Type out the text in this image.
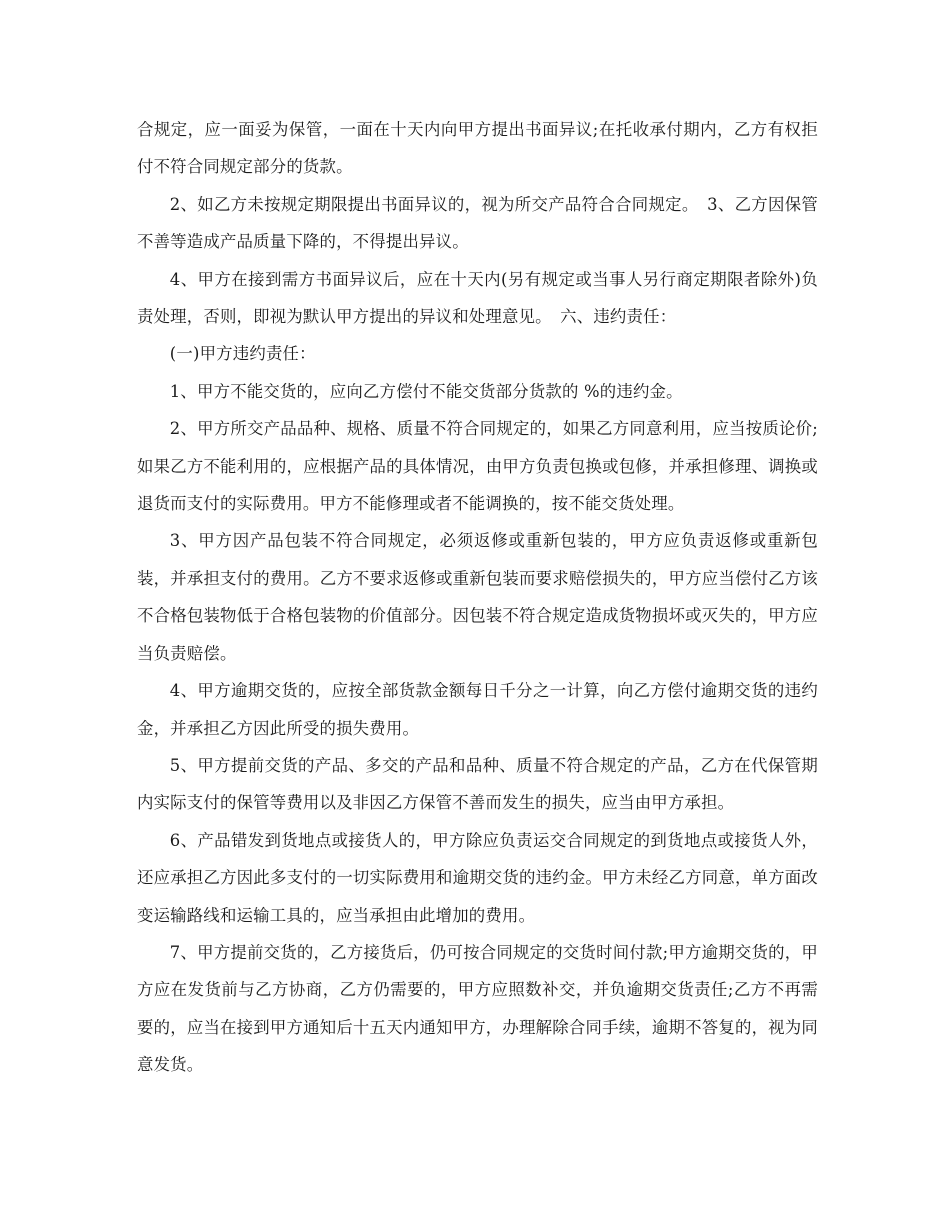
合规定，应一面妥为保管，一面在十天内向甲方提出书面异议;在托收承付期内，乙方有权拒付不符合同规定部分的货款。

2、如乙方未按规定期限提出书面异议的，视为所交产品符合合同规定。　3、乙方因保管不善等造成产品质量下降的，不得提出异议。

4、甲方在接到需方书面异议后，应在十天内(另有规定或当事人另行商定期限者除外)负责处理，否则，即视为默认甲方提出的异议和处理意见。　六、违约责任：

(一)甲方违约责任：

1、甲方不能交货的，应向乙方偿付不能交货部分货款的 %的违约金。

2、甲方所交产品品种、规格、质量不符合同规定的，如果乙方同意利用，应当按质论价;如果乙方不能利用的，应根据产品的具体情况，由甲方负责包换或包修，并承担修理、调换或退货而支付的实际费用。甲方不能修理或者不能调换的，按不能交货处理。

3、甲方因产品包装不符合同规定，必须返修或重新包装的，甲方应负责返修或重新包装，并承担支付的费用。乙方不要求返修或重新包装而要求赔偿损失的，甲方应当偿付乙方该不合格包装物低于合格包装物的价值部分。因包装不符合规定造成货物损坏或灭失的，甲方应当负责赔偿。

4、甲方逾期交货的，应按全部货款金额每日千分之一计算，向乙方偿付逾期交货的违约金，并承担乙方因此所受的损失费用。

5、甲方提前交货的产品、多交的产品和品种、质量不符合规定的产品，乙方在代保管期内实际支付的保管等费用以及非因乙方保管不善而发生的损失，应当由甲方承担。

6、产品错发到货地点或接货人的，甲方除应负责运交合同规定的到货地点或接货人外，还应承担乙方因此多支付的一切实际费用和逾期交货的违约金。甲方未经乙方同意，单方面改变运输路线和运输工具的，应当承担由此增加的费用。

7、甲方提前交货的，乙方接货后，仍可按合同规定的交货时间付款;甲方逾期交货的，甲方应在发货前与乙方协商，乙方仍需要的，甲方应照数补交，并负逾期交货责任;乙方不再需要的，应当在接到甲方通知后十五天内通知甲方，办理解除合同手续，逾期不答复的，视为同意发货。
